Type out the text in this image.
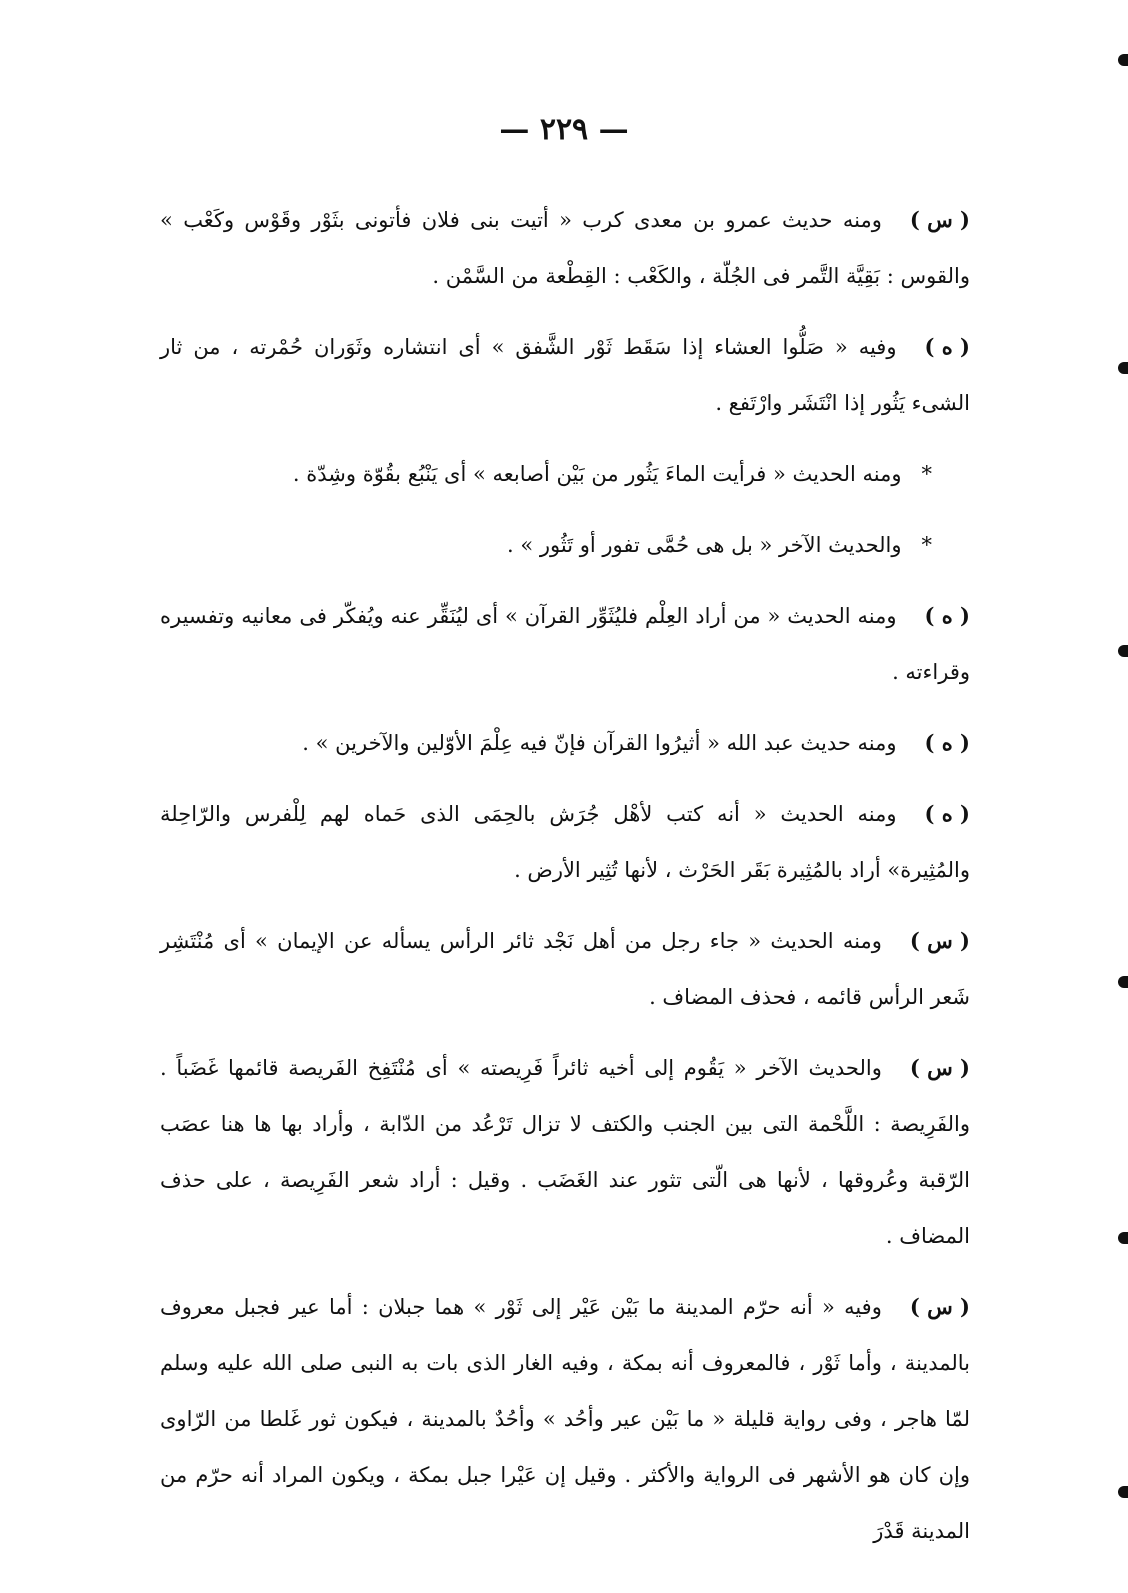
— ٢٢٩ —

( س )ومنه حديث عمرو بن معدى كرب « أتيت بنى فلان فأتونى بثَوْر وقَوْس وكَعْب » والقوس : بَقِيَّة التَّمر فى الجُلّة ، والكَعْب : القِطْعة من السَّمْن .

( ه )وفيه « صَلُّوا العشاء إذا سَقَط ثَوْر الشَّفق » أى انتشاره وثَوَران حُمْرته ، من ثار الشىء يَثُور إذا انْتَشَر وارْتَفع .

*ومنه الحديث « فرأيت الماءَ يَثُور من بَيْن أصابعه » أى يَنْبُع بقُوّة وشِدّة .

*والحديث الآخر « بل هى حُمَّى تفور أو تَثُور » .

( ه )ومنه الحديث « من أراد العِلْم فليُثَوِّر القرآن » أى ليُنَقِّر عنه ويُفكّر فى معانيه وتفسيره وقراءته .

( ه )ومنه حديث عبد الله « أثيرُوا القرآن فإنّ فيه عِلْمَ الأوّلين والآخرين » .

( ه )ومنه الحديث « أنه كتب لأهْل جُرَش بالحِمَى الذى حَماه لهم لِلْفرس والرّاحِلة والمُثِيرة» أراد بالمُثِيرة بَقَر الحَرْث ، لأنها تُثِير الأرض .

( س )ومنه الحديث « جاء رجل من أهل نَجْد ثائر الرأس يسأله عن الإيمان » أى مُنْتَشِر شَعر الرأس قائمه ، فحذف المضاف .

( س )والحديث الآخر « يَقُوم إلى أخيه ثائراً فَرِيصته » أى مُنْتَفِخ الفَريصة قائمها غَضَباً . والفَرِيصة : اللَّحْمة التى بين الجنب والكتف لا تزال تَرْعُد من الدّابة ، وأراد بها ها هنا عصَب الرّقبة وعُروقها ، لأنها هى الّتى تثور عند الغَضَب . وقيل : أراد شعر الفَرِيصة ، على حذف المضاف .

( س )وفيه « أنه حرّم المدينة ما بَيْن عَيْر إلى ثَوْر » هما جبلان : أما عير فجبل معروف بالمدينة ، وأما ثَوْر ، فالمعروف أنه بمكة ، وفيه الغار الذى بات به النبى صلى الله عليه وسلم لمّا هاجر ، وفى رواية قليلة « ما بَيْن عير وأحُد » وأحُدٌ بالمدينة ، فيكون ثور غَلطا من الرّاوى وإن كان هو الأشهر فى الرواية والأكثر . وقيل إن عَيْرا جبل بمكة ، ويكون المراد أنه حرّم من المدينة قَدْرَ
